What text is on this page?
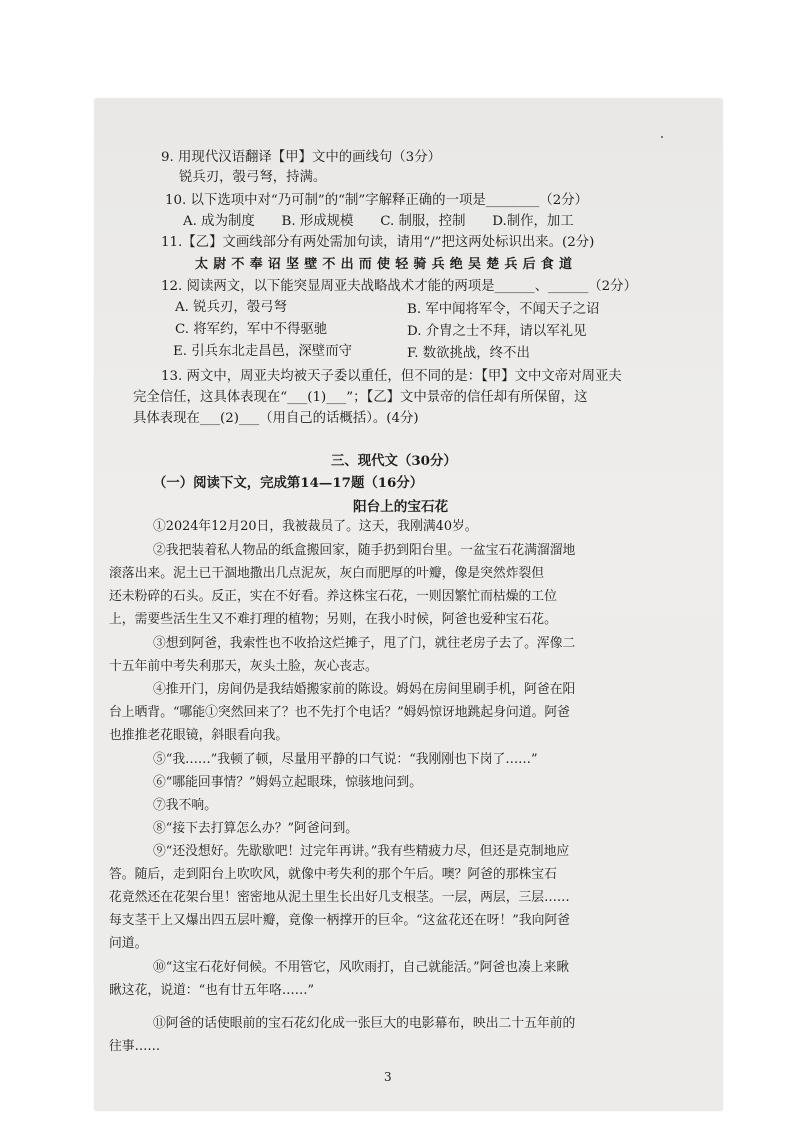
9. 用现代汉语翻译【甲】文中的画线句（3分）
锐兵刃，彀弓弩，持满。
10. 以下选项中对“乃可制”的“制”字解释正确的一项是________（2分）
A. 成为制度　　B. 形成规模　　C. 制服，控制　　D.制作，加工
11.【乙】文画线部分有两处需加句读，请用“/”把这两处标识出来。(2分)
太尉不奉诏坚壁不出而使轻骑兵绝吴楚兵后食道
12. 阅读两文，以下能突显周亚夫战略战术才能的两项是______、______（2分）
A. 锐兵刃，彀弓弩	B. 军中闻将军令，不闻天子之诏
C. 将军约，军中不得驱驰	D. 介胄之士不拜，请以军礼见
E. 引兵东北走昌邑，深壁而守	F. 数欲挑战，终不出
13. 两文中，周亚夫均被天子委以重任，但不同的是：【甲】文中文帝对周亚夫
完全信任，这具体表现在“___(1)___”；【乙】文中景帝的信任却有所保留，这
具体表现在___(2)___（用自己的话概括）。(4分)
三、现代文（30分）
（一）阅读下文，完成第14—17题（16分）
阳台上的宝石花
①2024年12月20日，我被裁员了。这天，我刚满40岁。
②我把装着私人物品的纸盒搬回家，随手扔到阳台里。一盆宝石花满溜溜地
滚落出来。泥土已干涸地撒出几点泥灰，灰白而肥厚的叶瓣，像是突然炸裂但
还未粉碎的石头。反正，实在不好看。养这株宝石花，一则因繁忙而枯燥的工位
上，需要些活生生又不难打理的植物；另则，在我小时候，阿爸也爱种宝石花。
③想到阿爸，我索性也不收拾这烂摊子，甩了门，就往老房子去了。浑像二
十五年前中考失利那天，灰头土脸，灰心丧志。
④推开门，房间仍是我结婚搬家前的陈设。姆妈在房间里刷手机，阿爸在阳
台上晒背。“哪能①突然回来了？也不先打个电话？”姆妈惊讶地跳起身问道。阿爸
也推推老花眼镜，斜眼看向我。
⑤“我……”我顿了顿，尽量用平静的口气说：“我刚刚也下岗了……”
⑥“哪能回事情？”姆妈立起眼珠，惊骇地问到。
⑦我不响。
⑧“接下去打算怎么办？”阿爸问到。
⑨“还没想好。先歇歇吧！过完年再讲。”我有些精疲力尽，但还是克制地应
答。随后，走到阳台上吹吹风，就像中考失利的那个午后。噢？阿爸的那株宝石
花竟然还在花架台里！密密地从泥土里生长出好几支根茎。一层，两层，三层……
每支茎干上又爆出四五层叶瓣，竟像一柄撑开的巨伞。“这盆花还在呀！”我向阿爸
问道。
⑩“这宝石花好伺候。不用管它，风吹雨打，自己就能活。”阿爸也凑上来瞅
瞅这花，说道：“也有廿五年咯……”
⑪阿爸的话使眼前的宝石花幻化成一张巨大的电影幕布，映出二十五年前的
往事……
3
